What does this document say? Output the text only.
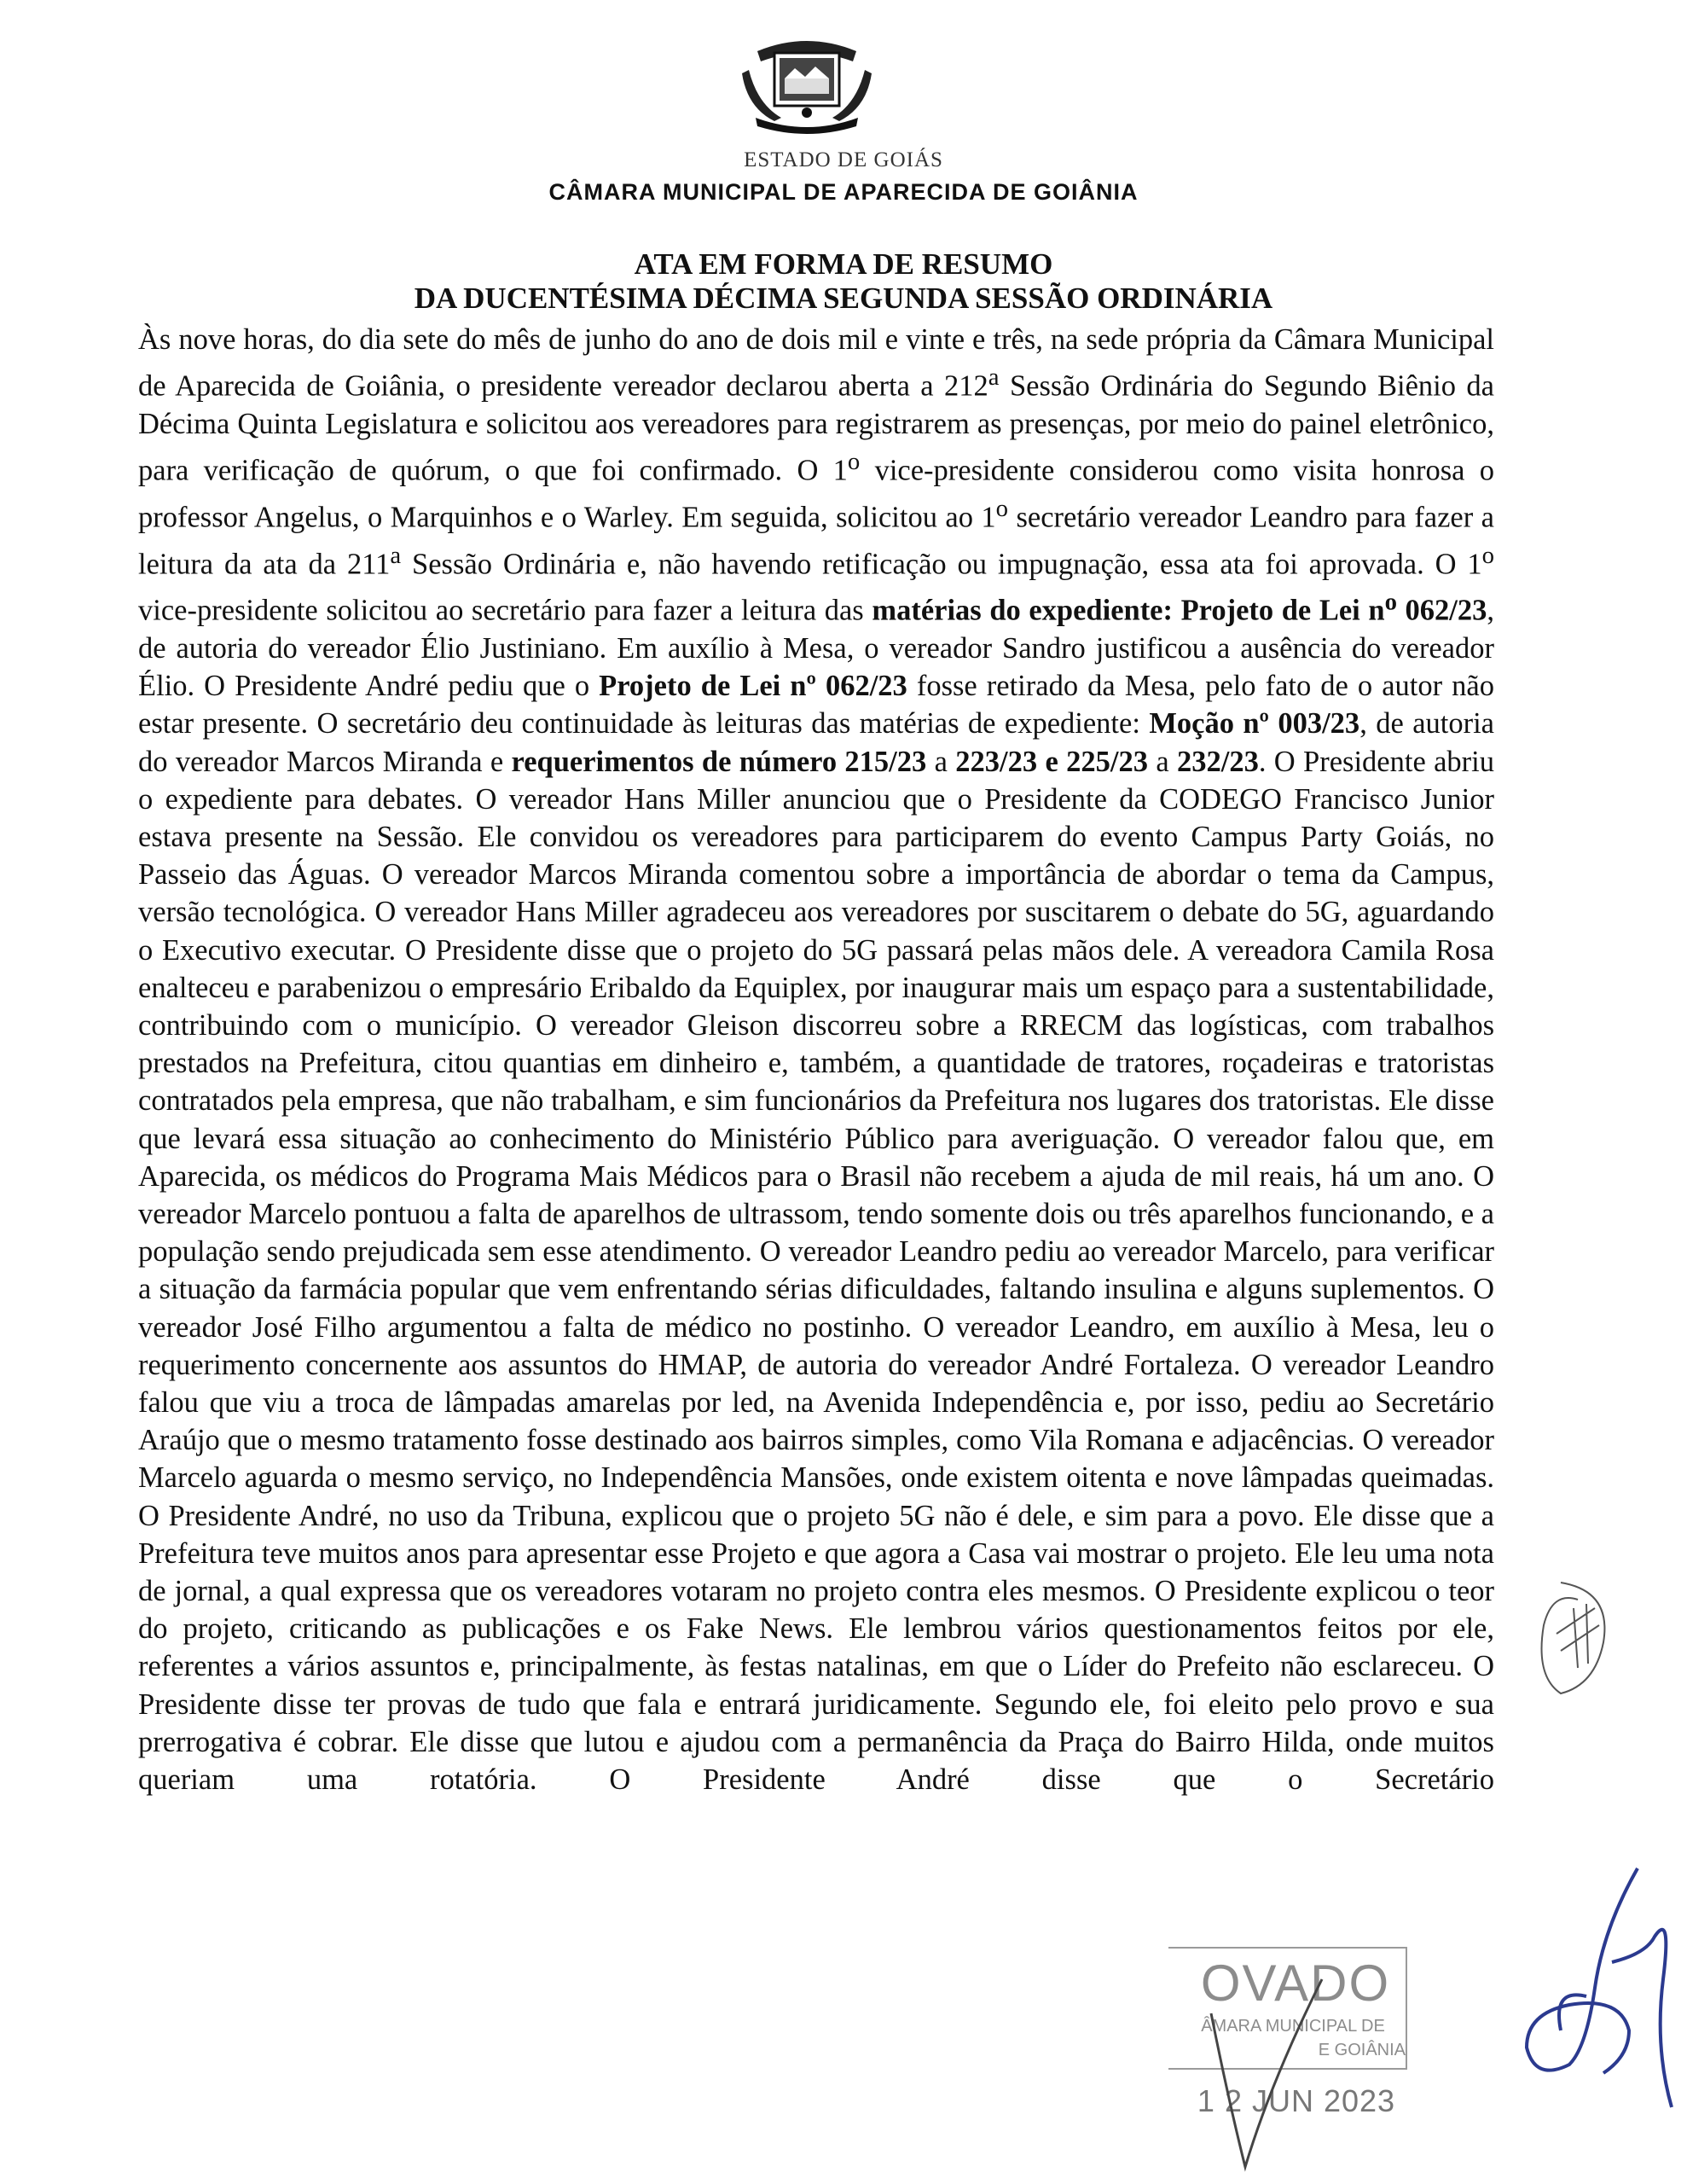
ESTADO DE GOIÁS
CÂMARA MUNICIPAL DE APARECIDA DE GOIÂNIA
ATA EM FORMA DE RESUMO
DA DUCENTÉSIMA DÉCIMA SEGUNDA SESSÃO ORDINÁRIA

Às nove horas, do dia sete do mês de junho do ano de dois mil e vinte e três, na sede própria da Câmara Municipal de Aparecida de Goiânia, o presidente vereador declarou aberta a 212$^a$ Sessão Ordinária do Segundo Biênio da Décima Quinta Legislatura e solicitou aos vereadores para registrarem as presenças, por meio do painel eletrônico, para verificação de quórum, o que foi confirmado. O 1$^o$ vice-presidente considerou como visita honrosa o professor Angelus, o Marquinhos e o Warley. Em seguida, solicitou ao 1$^o$ secretário vereador Leandro para fazer a leitura da ata da 211$^a$ Sessão Ordinária e, não havendo retificação ou impugnação, essa ata foi aprovada. O 1$^o$ vice-presidente solicitou ao secretário para fazer a leitura das matérias do expediente: Projeto de Lei $n^o$ 062/23, de autoria do vereador Élio Justiniano. Em auxílio à Mesa, o vereador Sandro justificou a ausência do vereador Élio. O Presidente André pediu que o Projeto de Lei nº 062/23 fosse retirado da Mesa, pelo fato de o autor não estar presente. O secretário deu continuidade às leituras das matérias de expediente: Moção nº 003/23, de autoria do vereador Marcos Miranda e requerimentos de número 215/23 a 223/23 e 225/23 a 232/23. O Presidente abriu o expediente para debates. O vereador Hans Miller anunciou que o Presidente da CODEGO Francisco Junior estava presente na Sessão. Ele convidou os vereadores para participarem do evento Campus Party Goiás, no Passeio das Águas. O vereador Marcos Miranda comentou sobre a importância de abordar o tema da Campus, versão tecnológica. O vereador Hans Miller agradeceu aos vereadores por suscitarem o debate do 5G, aguardando o Executivo executar. O Presidente disse que o projeto do 5G passará pelas mãos dele. A vereadora Camila Rosa enalteceu e parabenizou o empresário Eribaldo da Equiplex, por inaugurar mais um espaço para a sustentabilidade, contribuindo com o município. O vereador Gleison discorreu sobre a RRECM das logísticas, com trabalhos prestados na Prefeitura, citou quantias em dinheiro e, também, a quantidade de tratores, roçadeiras e tratoristas contratados pela empresa, que não trabalham, e sim funcionários da Prefeitura nos lugares dos tratoristas. Ele disse que levará essa situação ao conhecimento do Ministério Público para averiguação. O vereador falou que, em Aparecida, os médicos do Programa Mais Médicos para o Brasil não recebem a ajuda de mil reais, há um ano. O vereador Marcelo pontuou a falta de aparelhos de ultrassom, tendo somente dois ou três aparelhos funcionando, e a população sendo prejudicada sem esse atendimento. O vereador Leandro pediu ao vereador Marcelo, para verificar a situação da farmácia popular que vem enfrentando sérias dificuldades, faltando insulina e alguns suplementos. O vereador José Filho argumentou a falta de médico no postinho. O vereador Leandro, em auxílio à Mesa, leu o requerimento concernente aos assuntos do HMAP, de autoria do vereador André Fortaleza. O vereador Leandro falou que viu a troca de lâmpadas amarelas por led, na Avenida Independência e, por isso, pediu ao Secretário Araújo que o mesmo tratamento fosse destinado aos bairros simples, como Vila Romana e adjacências. O vereador Marcelo aguarda o mesmo serviço, no Independência Mansões, onde existem oitenta e nove lâmpadas queimadas. O Presidente André, no uso da Tribuna, explicou que o projeto 5G não é dele, e sim para a povo. Ele disse que a Prefeitura teve muitos anos para apresentar esse Projeto e que agora a Casa vai mostrar o projeto. Ele leu uma nota de jornal, a qual expressa que os vereadores votaram no projeto contra eles mesmos. O Presidente explicou o teor do projeto, criticando as publicações e os Fake News. Ele lembrou vários questionamentos feitos por ele, referentes a vários assuntos e, principalmente, às festas natalinas, em que o Líder do Prefeito não esclareceu. O Presidente disse ter provas de tudo que fala e entrará juridicamente. Segundo ele, foi eleito pelo provo e sua prerrogativa é cobrar. Ele disse que lutou e ajudou com a permanência da Praça do Bairro Hilda, onde muitos queriam uma rotatória. O Presidente André disse que o Secretário

OVADO
ÂMARA MUNICIPAL DE
E GOIÂNIA
1 2 JUN 2023
